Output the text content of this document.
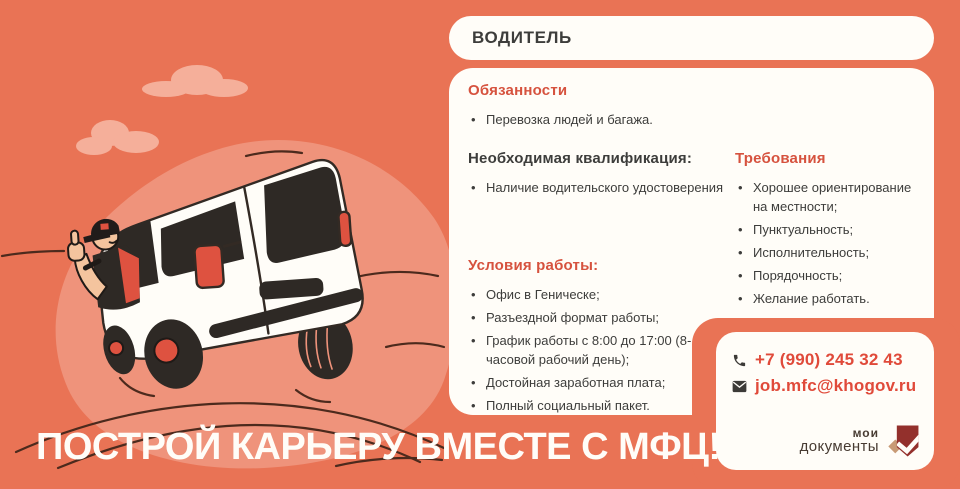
ВОДИТЕЛЬ
Обязанности
• Перевозка людей и багажа.
Необходимая квалификация:
• Наличие водительского удостоверения
Условия работы:
• Офис в Геническе;
• Разъездной формат работы;
• График работы с 8:00 до 17:00 (8-часовой рабочий день);
• Достойная заработная плата;
• Полный социальный пакет.
Требования
• Хорошее ориентирование на местности;
• Пунктуальность;
• Исполнительность;
• Порядочность;
• Желание работать.
+7 (990) 245 32 43
job.mfc@khogov.ru
мои
документы
ПОСТРОЙ КАРЬЕРУ ВМЕСТЕ С МФЦ!
